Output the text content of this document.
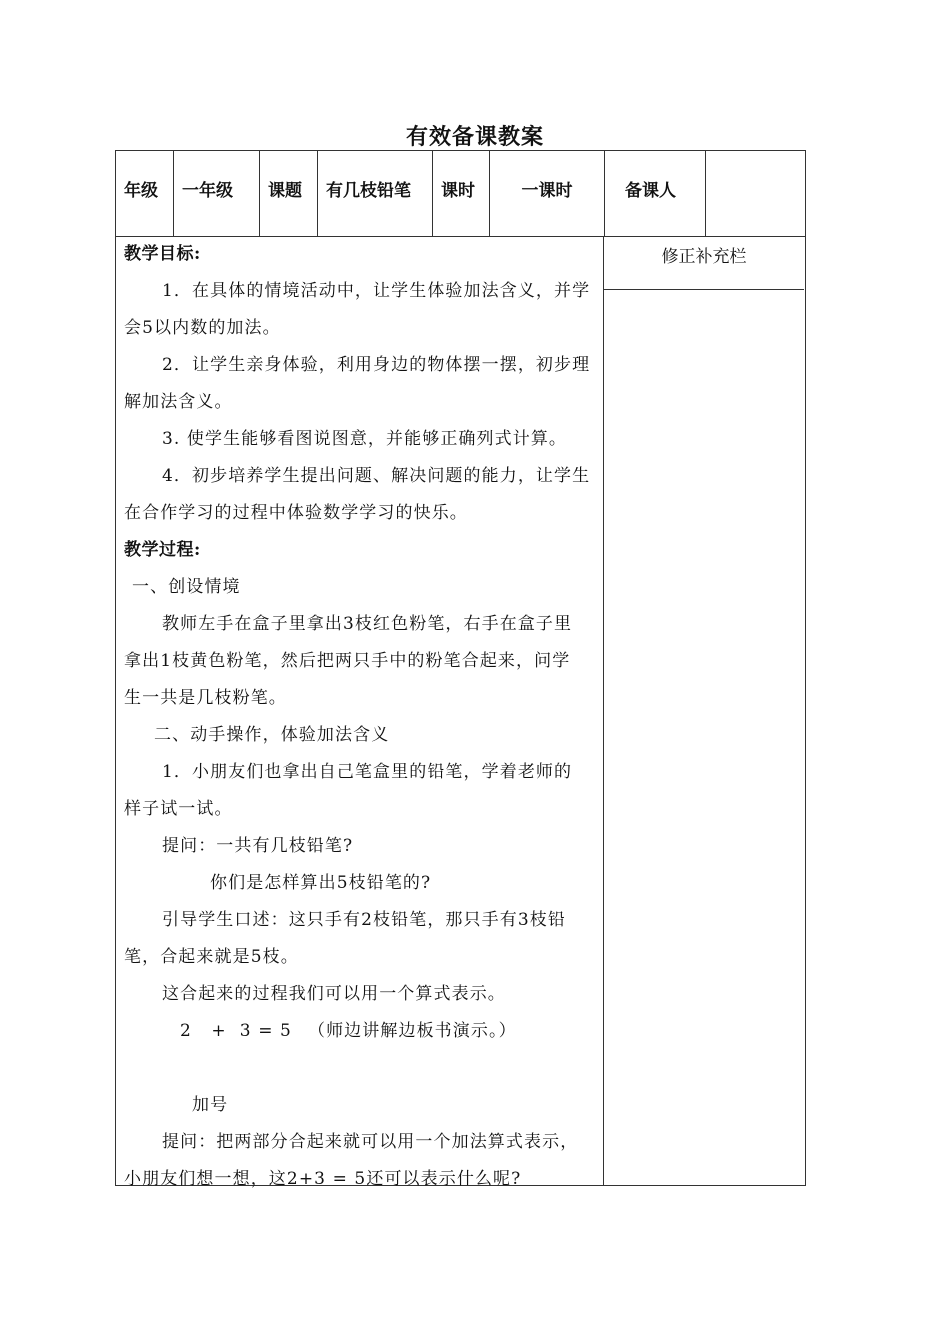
有效备课教案
年级	一年级	课题	有几枝铅笔	课时	一课时	备课人	
修正补充栏

教学目标:

1．在具体的情境活动中，让学生体验加法含义，并学

会5以内数的加法。

2．让学生亲身体验，利用身边的物体摆一摆，初步理

解加法含义。

3. 使学生能够看图说图意，并能够正确列式计算。

4．初步培养学生提出问题、解决问题的能力，让学生

在合作学习的过程中体验数学学习的快乐。

教学过程:

一、创设情境

教师左手在盒子里拿出3枝红色粉笔，右手在盒子里

拿出1枝黄色粉笔，然后把两只手中的粉笔合起来，问学

生一共是几枝粉笔。

二、动手操作，体验加法含义

1．小朋友们也拿出自己笔盒里的铅笔，学着老师的

样子试一试。

提问：一共有几枝铅笔?

你们是怎样算出5枝铅笔的?

引导学生口述：这只手有2枝铅笔，那只手有3枝铅

笔，合起来就是5枝。

这合起来的过程我们可以用一个算式表示。

2   +  3 = 5 （师边讲解边板书演示。）

加号

提问：把两部分合起来就可以用一个加法算式表示，

小朋友们想一想，这2+3 = 5还可以表示什么呢?
